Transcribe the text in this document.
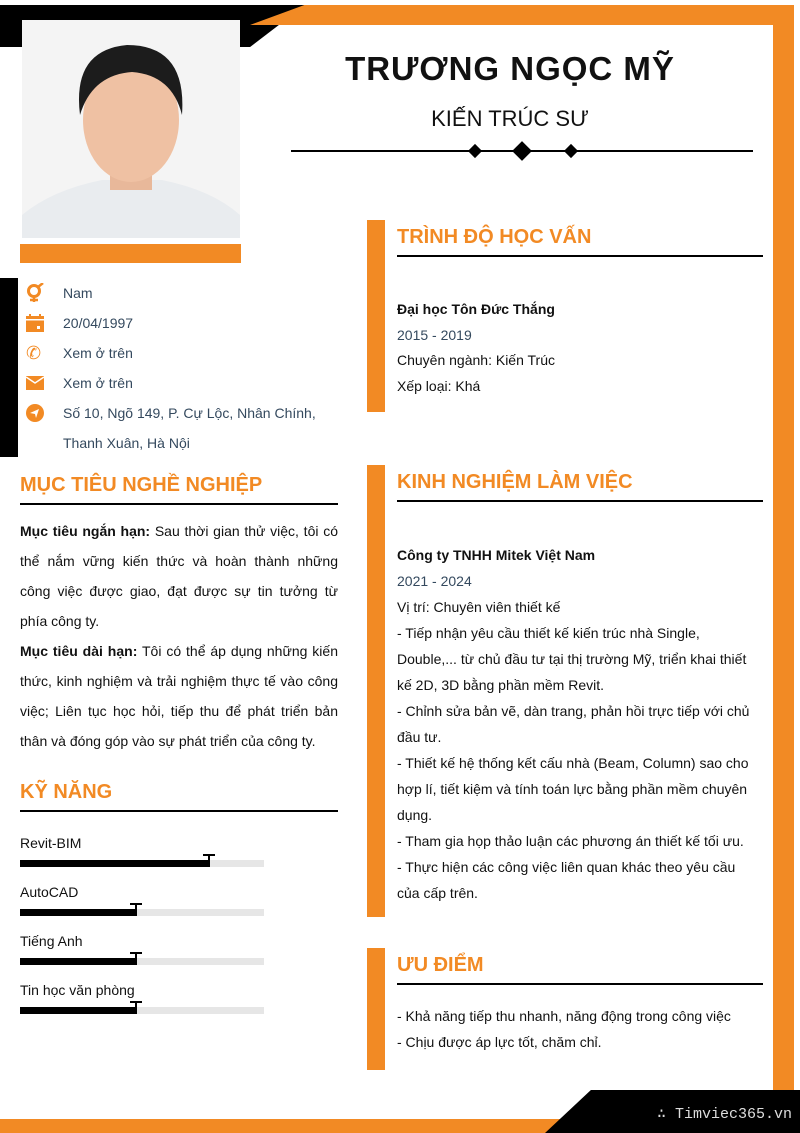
∴ Timviec365.vn
TRƯƠNG NGỌC MỸ
KIẾN TRÚC SƯ
Nam
20/04/1997
✆	Xem ở trên
Xem ở trên
Số 10, Ngõ 149, P. Cự Lộc, Nhân Chính,
Thanh Xuân, Hà Nội
MỤC TIÊU NGHỀ NGHIỆP

Mục tiêu ngắn hạn: Sau thời gian thử việc, tôi có thể nắm vững kiến thức và hoàn thành những công việc được giao, đạt được sự tin tưởng từ phía công ty.

Mục tiêu dài hạn: Tôi có thể áp dụng những kiến thức, kinh nghiệm và trải nghiệm thực tế vào công việc; Liên tục học hỏi, tiếp thu để phát triển bản thân và đóng góp vào sự phát triển của công ty.

KỸ NĂNG
Revit-BIM
AutoCAD
Tiếng Anh
Tin học văn phòng
TRÌNH ĐỘ HỌC VẤN
Đại học Tôn Đức Thắng
2015 - 2019
Chuyên ngành: Kiến Trúc
Xếp loại: Khá
KINH NGHIỆM LÀM VIỆC
Công ty TNHH Mitek Việt Nam
2021 - 2024
Vị trí: Chuyên viên thiết kế
- Tiếp nhận yêu cầu thiết kế kiến trúc nhà Single, Double,... từ chủ đầu tư tại thị trường Mỹ, triển khai thiết kế 2D, 3D bằng phần mềm Revit.
- Chỉnh sửa bản vẽ, dàn trang, phản hồi trực tiếp với chủ đầu tư.
- Thiết kế hệ thống kết cấu nhà (Beam, Column) sao cho hợp lí, tiết kiệm và tính toán lực bằng phần mềm chuyên dụng.
- Tham gia họp thảo luận các phương án thiết kế tối ưu.
- Thực hiện các công việc liên quan khác theo yêu cầu của cấp trên.
ƯU ĐIỂM
- Khả năng tiếp thu nhanh, năng động trong công việc
- Chịu được áp lực tốt, chăm chỉ.
